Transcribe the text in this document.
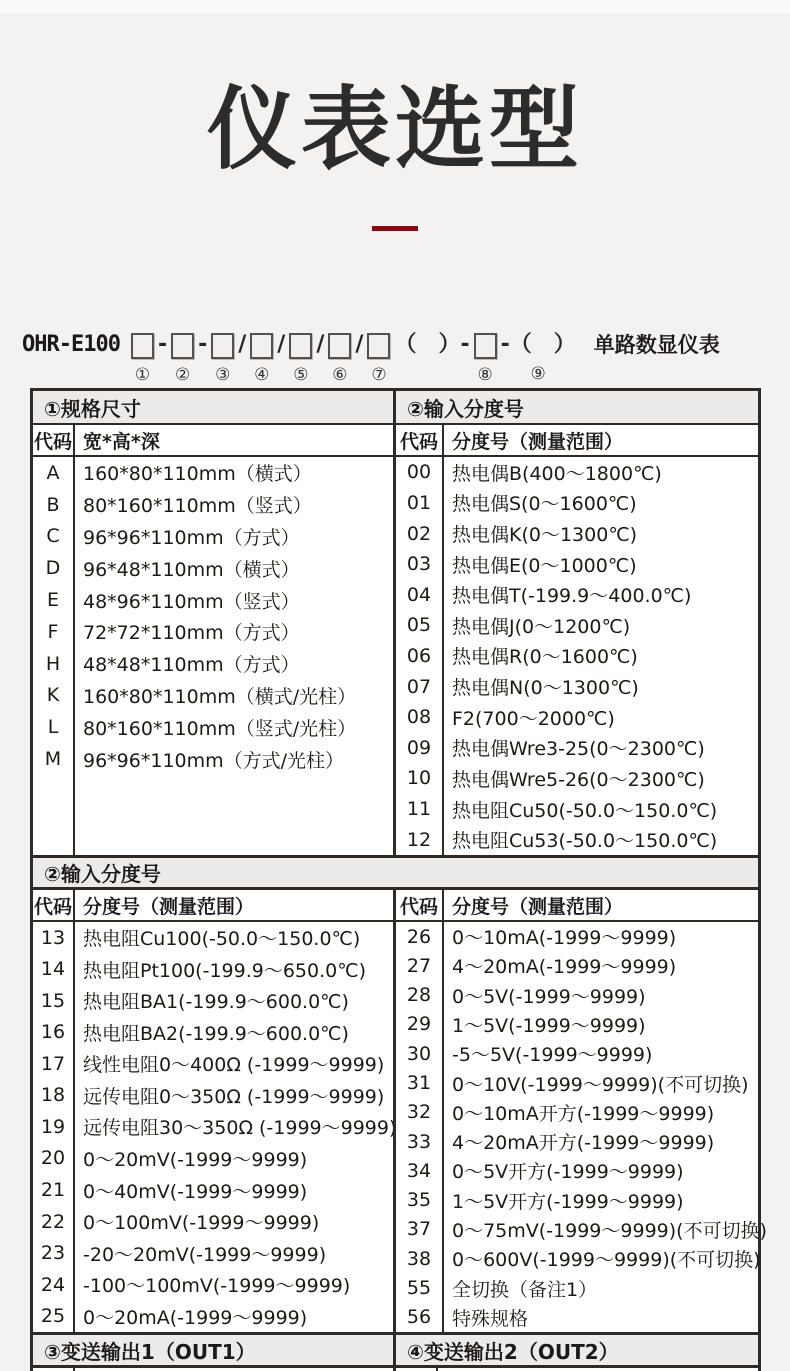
仪表选型
OHR-E100
①
-
②
-
③
/
④
/
⑤
/
⑥
/
⑦
（　）-
⑧
-（　）
⑨
单路数显仪表
①规格尺寸
代码 宽*高*深
A	160*80*110mm（横式）
B	80*160*110mm（竖式）
C	96*96*110mm（方式）
D	96*48*110mm（横式）
E	48*96*110mm（竖式）
F	72*72*110mm（方式）
H	48*48*110mm（方式）
K	160*80*110mm（横式/光柱）
L	80*160*110mm（竖式/光柱）
M	96*96*110mm（方式/光柱）
②输入分度号
代码 分度号（测量范围）
00	热电偶B(400～1800℃)
01	热电偶S(0～1600℃)
02	热电偶K(0～1300℃)
03	热电偶E(0～1000℃)
04	热电偶T(-199.9～400.0℃)
05	热电偶J(0～1200℃)
06	热电偶R(0～1600℃)
07	热电偶N(0～1300℃)
08	F2(700～2000℃)
09	热电偶Wre3-25(0～2300℃)
10	热电偶Wre5-26(0～2300℃)
11	热电阻Cu50(-50.0～150.0℃)
12	热电阻Cu53(-50.0～150.0℃)
②输入分度号
代码 分度号（测量范围）
13 热电阻Cu100(-50.0～150.0℃)
14 热电阻Pt100(-199.9～650.0℃)
15 热电阻BA1(-199.9～600.0℃)
16 热电阻BA2(-199.9～600.0℃)
17 线性电阻0～400Ω (-1999～9999)
18 远传电阻0～350Ω (-1999～9999)
19 远传电阻30～350Ω (-1999～9999)
20 0～20mV(-1999～9999)
21 0～40mV(-1999～9999)
22 0～100mV(-1999～9999)
23 -20～20mV(-1999～9999)
24 -100～100mV(-1999～9999)
25 0～20mA(-1999～9999)
代码 分度号（测量范围）
26	0～10mA(-1999～9999)
27	4～20mA(-1999～9999)
28	0～5V(-1999～9999)
29	1～5V(-1999～9999)
30	-5～5V(-1999～9999)
31	0～10V(-1999～9999)(不可切换)
32	0～10mA开方(-1999～9999)
33	4～20mA开方(-1999～9999)
34	0～5V开方(-1999～9999)
35	1～5V开方(-1999～9999)
37	0～75mV(-1999～9999)(不可切换)
38	0～600V(-1999～9999)(不可切换)
55	全切换（备注1）
56	特殊规格
③变送输出1（OUT1）	④变送输出2（OUT2）
